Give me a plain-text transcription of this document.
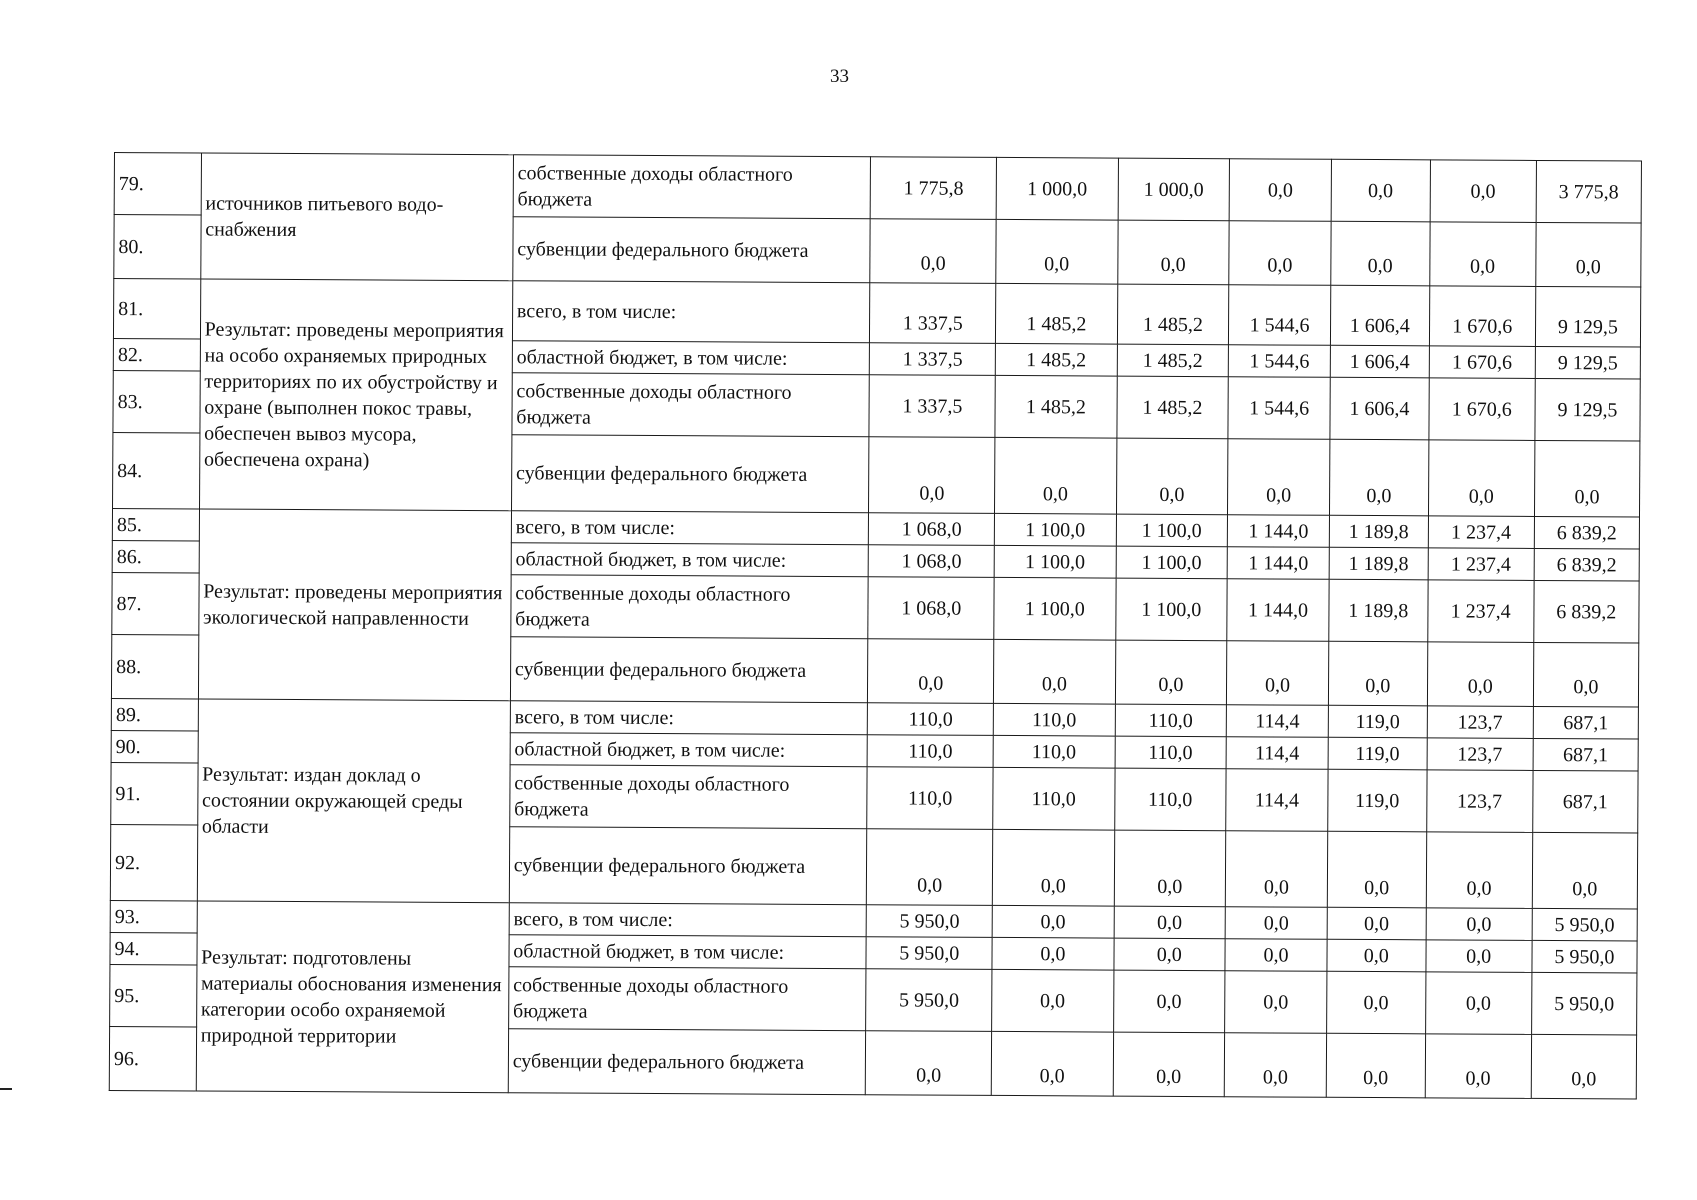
33
79.	источников питьевого водо-снабжения	собственные доходы областного бюджета	1 775,8	1 000,0	1 000,0	0,0	0,0	0,0	3 775,8
80.		субвенции федерального бюджета	0,0	0,0	0,0	0,0	0,0	0,0	0,0
81.	Результат: проведены мероприятия на особо охраняемых природных территориях по их обустройству и охране (выполнен покос травы, обеспечен вывоз мусора, обеспечена охрана)	всего, в том числе:	1 337,5	1 485,2	1 485,2	1 544,6	1 606,4	1 670,6	9 129,5
82.		областной бюджет, в том числе:	1 337,5	1 485,2	1 485,2	1 544,6	1 606,4	1 670,6	9 129,5
83.		собственные доходы областного бюджета	1 337,5	1 485,2	1 485,2	1 544,6	1 606,4	1 670,6	9 129,5
84.		субвенции федерального бюджета	0,0	0,0	0,0	0,0	0,0	0,0	0,0
85.	Результат: проведены мероприятия экологической направленности	всего, в том числе:	1 068,0	1 100,0	1 100,0	1 144,0	1 189,8	1 237,4	6 839,2
86.		областной бюджет, в том числе:	1 068,0	1 100,0	1 100,0	1 144,0	1 189,8	1 237,4	6 839,2
87.		собственные доходы областного бюджета	1 068,0	1 100,0	1 100,0	1 144,0	1 189,8	1 237,4	6 839,2
88.		субвенции федерального бюджета	0,0	0,0	0,0	0,0	0,0	0,0	0,0
89.	Результат: издан доклад о состоянии окружающей среды области	всего, в том числе:	110,0	110,0	110,0	114,4	119,0	123,7	687,1
90.		областной бюджет, в том числе:	110,0	110,0	110,0	114,4	119,0	123,7	687,1
91.		собственные доходы областного бюджета	110,0	110,0	110,0	114,4	119,0	123,7	687,1
92.		субвенции федерального бюджета	0,0	0,0	0,0	0,0	0,0	0,0	0,0
93.	Результат: подготовлены материалы обоснования изменения категории особо охраняемой природной территории	всего, в том числе:	5 950,0	0,0	0,0	0,0	0,0	0,0	5 950,0
94.		областной бюджет, в том числе:	5 950,0	0,0	0,0	0,0	0,0	0,0	5 950,0
95.		собственные доходы областного бюджета	5 950,0	0,0	0,0	0,0	0,0	0,0	5 950,0
96.		субвенции федерального бюджета	0,0	0,0	0,0	0,0	0,0	0,0	0,0
